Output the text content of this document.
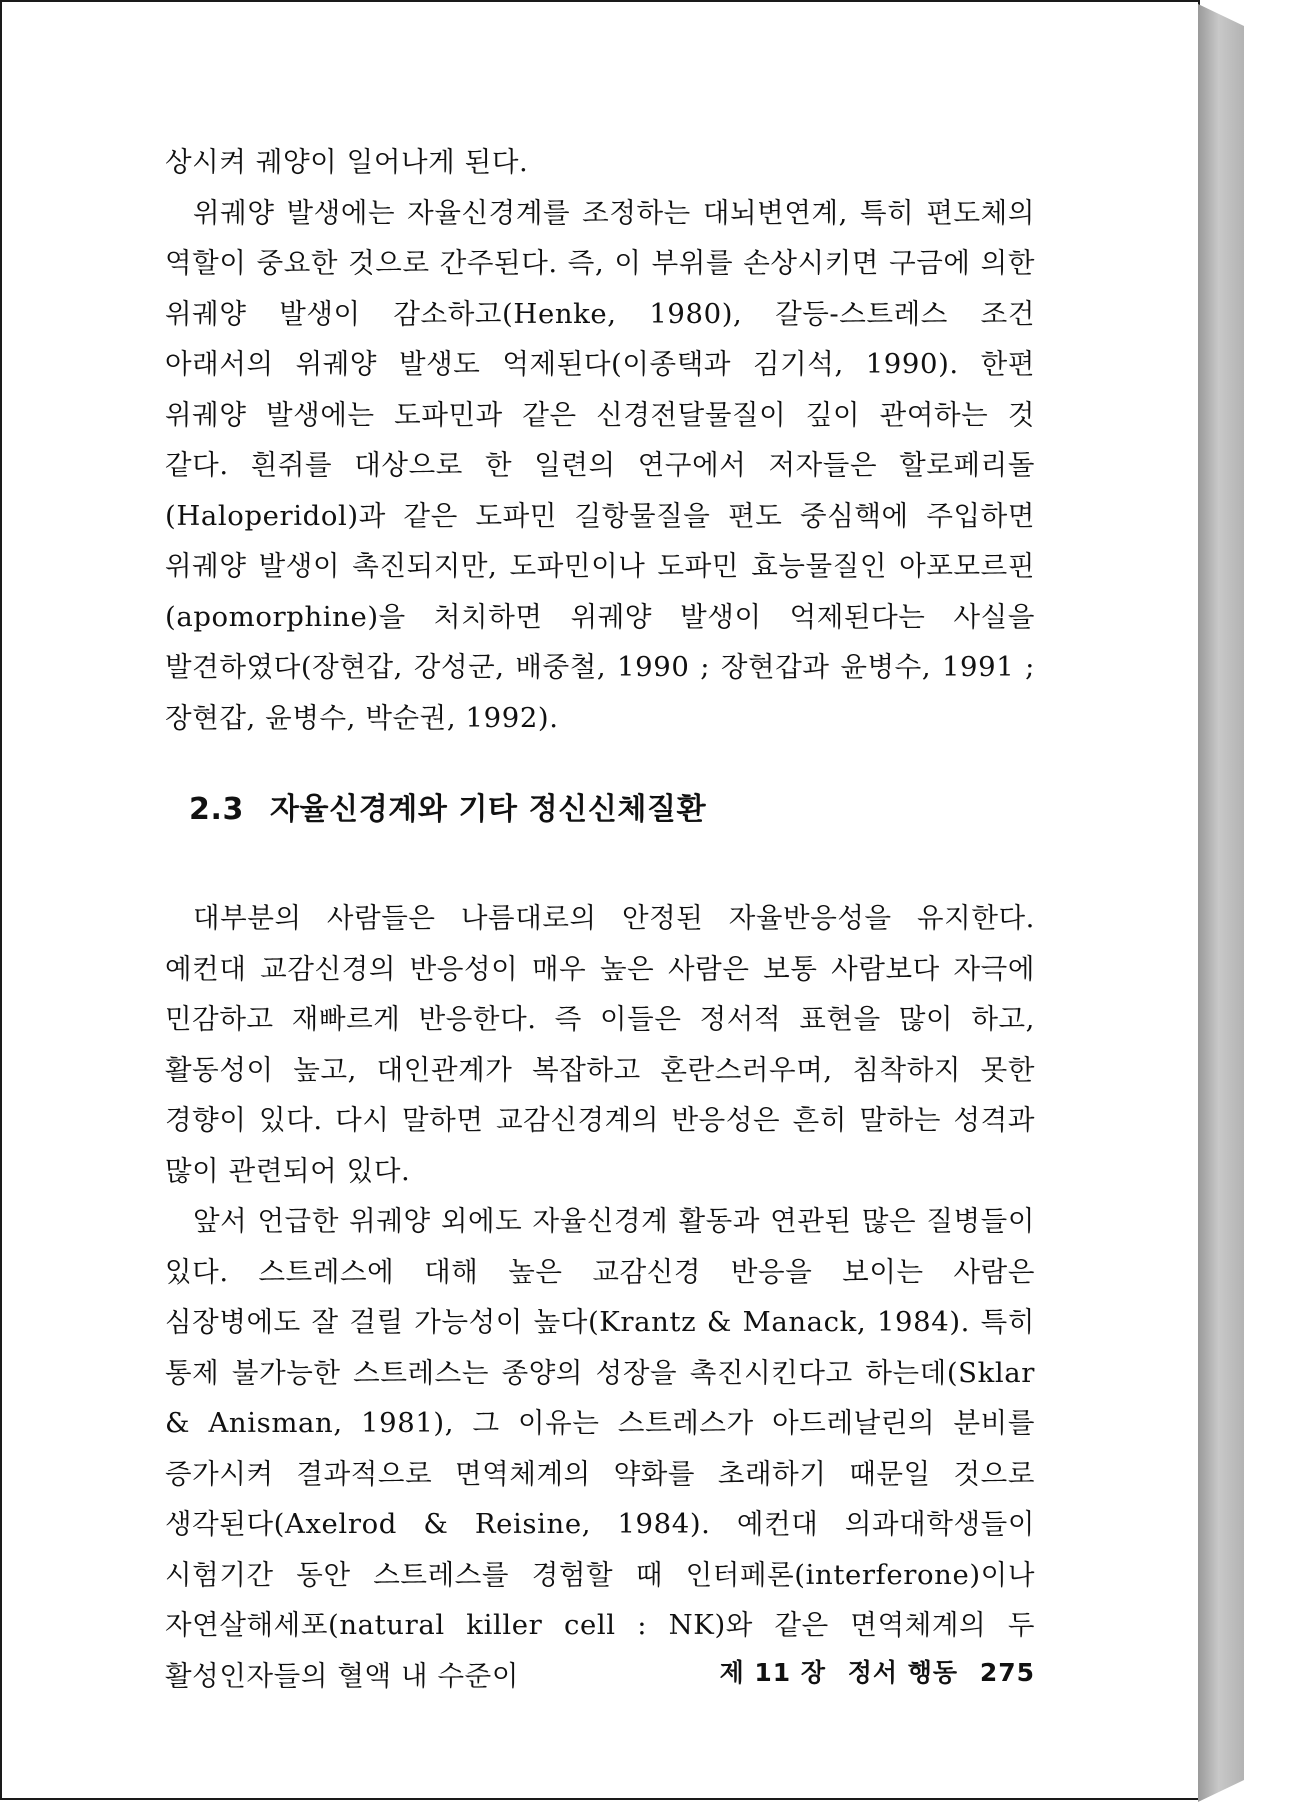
상시켜 궤양이 일어나게 된다.

위궤양 발생에는 자율신경계를 조정하는 대뇌변연계, 특히 편도체의 역할이 중요한 것으로 간주된다. 즉, 이 부위를 손상시키면 구금에 의한 위궤양 발생이 감소하고(Henke, 1980), 갈등-스트레스 조건 아래서의 위궤양 발생도 억제된다(이종택과 김기석, 1990). 한편 위궤양 발생에는 도파민과 같은 신경전달물질이 깊이 관여하는 것 같다. 흰쥐를 대상으로 한 일련의 연구에서 저자들은 할로페리돌(Haloperidol)과 같은 도파민 길항물질을 편도 중심핵에 주입하면 위궤양 발생이 촉진되지만, 도파민이나 도파민 효능물질인 아포모르핀(apomorphine)을 처치하면 위궤양 발생이 억제된다는 사실을 발견하였다(장현갑, 강성군, 배중철, 1990 ; 장현갑과 윤병수, 1991 ; 장현갑, 윤병수, 박순권, 1992).

2.3 자율신경계와 기타 정신신체질환

대부분의 사람들은 나름대로의 안정된 자율반응성을 유지한다. 예컨대 교감신경의 반응성이 매우 높은 사람은 보통 사람보다 자극에 민감하고 재빠르게 반응한다. 즉 이들은 정서적 표현을 많이 하고, 활동성이 높고, 대인관계가 복잡하고 혼란스러우며, 침착하지 못한 경향이 있다. 다시 말하면 교감신경계의 반응성은 흔히 말하는 성격과 많이 관련되어 있다.

앞서 언급한 위궤양 외에도 자율신경계 활동과 연관된 많은 질병들이 있다. 스트레스에 대해 높은 교감신경 반응을 보이는 사람은 심장병에도 잘 걸릴 가능성이 높다(Krantz & Manack, 1984). 특히 통제 불가능한 스트레스는 종양의 성장을 촉진시킨다고 하는데(Sklar & Anisman, 1981), 그 이유는 스트레스가 아드레날린의 분비를 증가시켜 결과적으로 면역체계의 약화를 초래하기 때문일 것으로 생각된다(Axelrod & Reisine, 1984). 예컨대 의과대학생들이 시험기간 동안 스트레스를 경험할 때 인터페론(interferone)이나 자연살해세포(natural killer cell : NK)와 같은 면역체계의 두 활성인자들의 혈액 내 수준이	제 11 장 정서 행동 275
